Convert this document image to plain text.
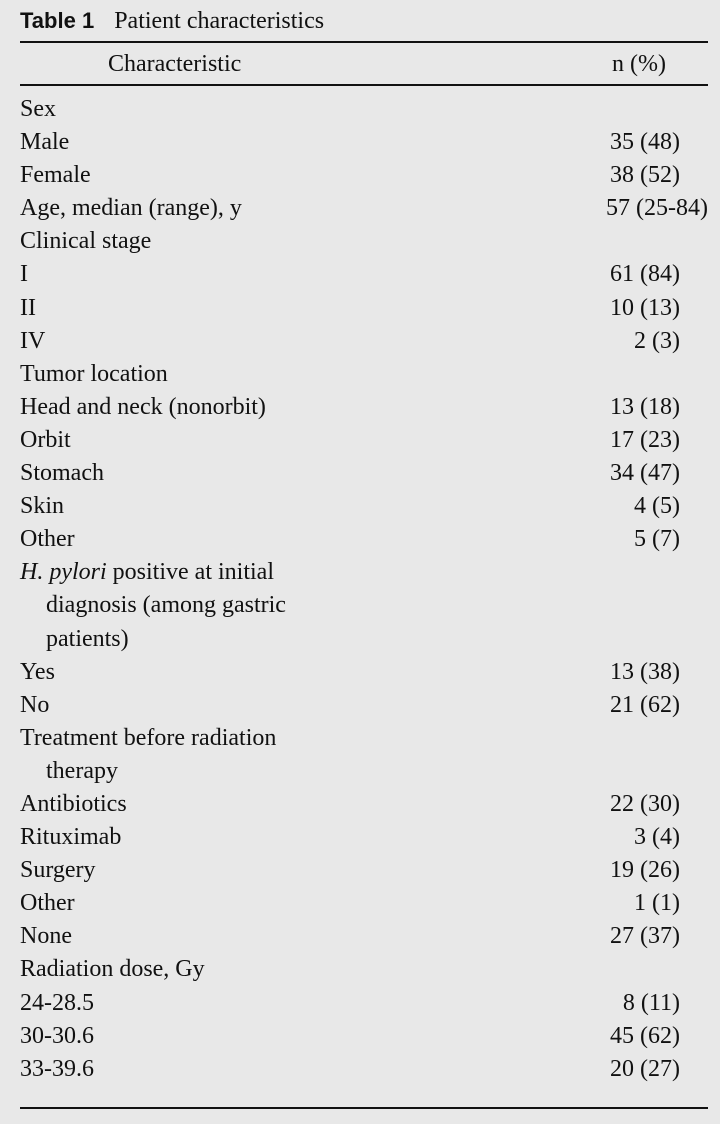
Table 1 Patient characteristics
Characteristic	n (%)
Sex
Male	35 (48)
Female	38 (52)
Age, median (range), y	57 (25-84)
Clinical stage
I	61 (84)
II	10 (13)
IV	2 (3)
Tumor location
Head and neck (nonorbit)	13 (18)
Orbit	17 (23)
Stomach	34 (47)
Skin	4 (5)
Other	5 (7)
H. pylori positive at initial
diagnosis (among gastric
patients)
Yes	13 (38)
No	21 (62)
Treatment before radiation
therapy
Antibiotics	22 (30)
Rituximab	3 (4)
Surgery	19 (26)
Other	1 (1)
None	27 (37)
Radiation dose, Gy
24-28.5	8 (11)
30-30.6	45 (62)
33-39.6	20 (27)
